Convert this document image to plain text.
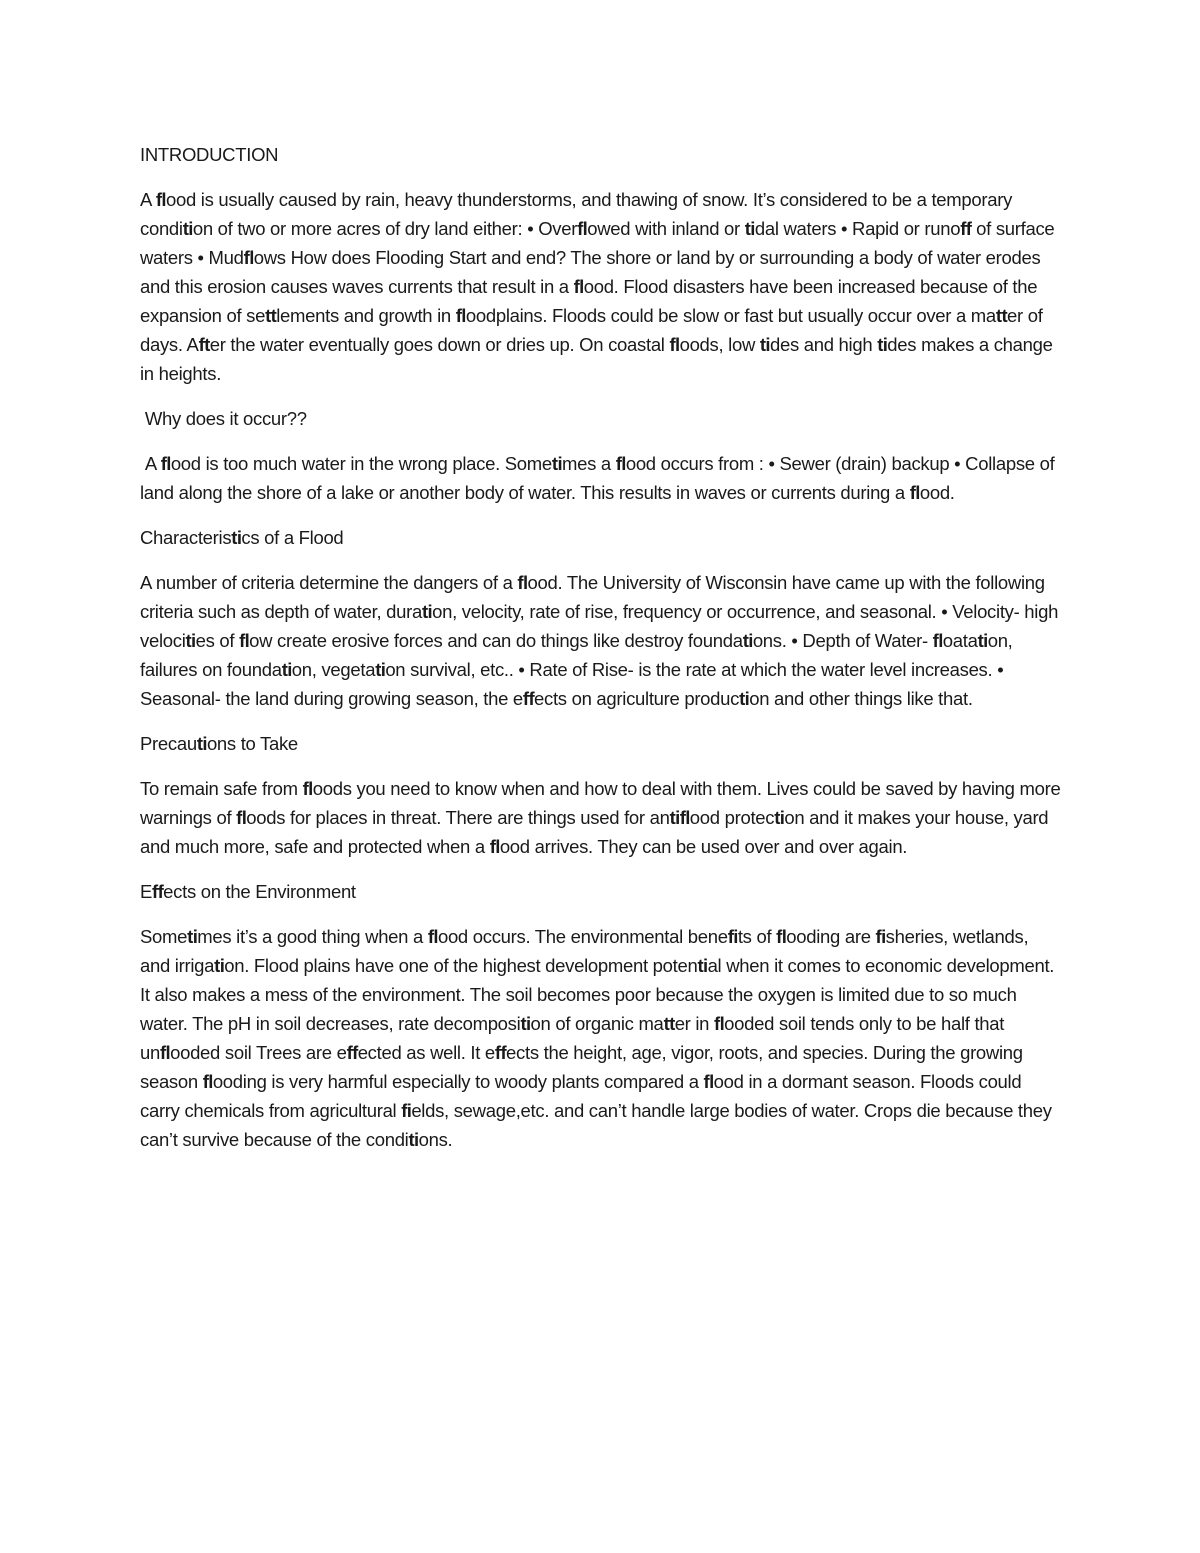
INTRODUCTION

A flood is usually caused by rain, heavy thunderstorms, and thawing of snow. It’s considered to be a temporary condition of two or more acres of dry land either: • Overflowed with inland or tidal waters • Rapid or runoff of surface waters • Mudflows How does Flooding Start and end? The shore or land by or surrounding a body of water erodes and this erosion causes waves currents that result in a flood. Flood disasters have been increased because of the expansion of settlements and growth in floodplains. Floods could be slow or fast but usually occur over a matter of days. After the water eventually goes down or dries up. On coastal floods, low tides and high tides makes a change in heights.

Why does it occur??

A flood is too much water in the wrong place. Sometimes a flood occurs from : • Sewer (drain) backup • Collapse of land along the shore of a lake or another body of water. This results in waves or currents during a flood.

Characteristics of a Flood

A number of criteria determine the dangers of a flood. The University of Wisconsin have came up with the following criteria such as depth of water, duration, velocity, rate of rise, frequency or occurrence, and seasonal. • Velocity- high velocities of flow create erosive forces and can do things like destroy foundations. • Depth of Water- floatation, failures on foundation, vegetation survival, etc.. • Rate of Rise- is the rate at which the water level increases. • Seasonal- the land during growing season, the effects on agriculture production and other things like that.

Precautions to Take

To remain safe from floods you need to know when and how to deal with them. Lives could be saved by having more warnings of floods for places in threat. There are things used for antiflood protection and it makes your house, yard and much more, safe and protected when a flood arrives. They can be used over and over again.

Effects on the Environment

Sometimes it’s a good thing when a flood occurs. The environmental benefits of flooding are fisheries, wetlands, and irrigation. Flood plains have one of the highest development potential when it comes to economic development. It also makes a mess of the environment. The soil becomes poor because the oxygen is limited due to so much water. The pH in soil decreases, rate decomposition of organic matter in flooded soil tends only to be half that unflooded soil Trees are effected as well. It effects the height, age, vigor, roots, and species. During the growing season flooding is very harmful especially to woody plants compared a flood in a dormant season. Floods could carry chemicals from agricultural fields, sewage,etc. and can’t handle large bodies of water. Crops die because they can’t survive because of the conditions.
